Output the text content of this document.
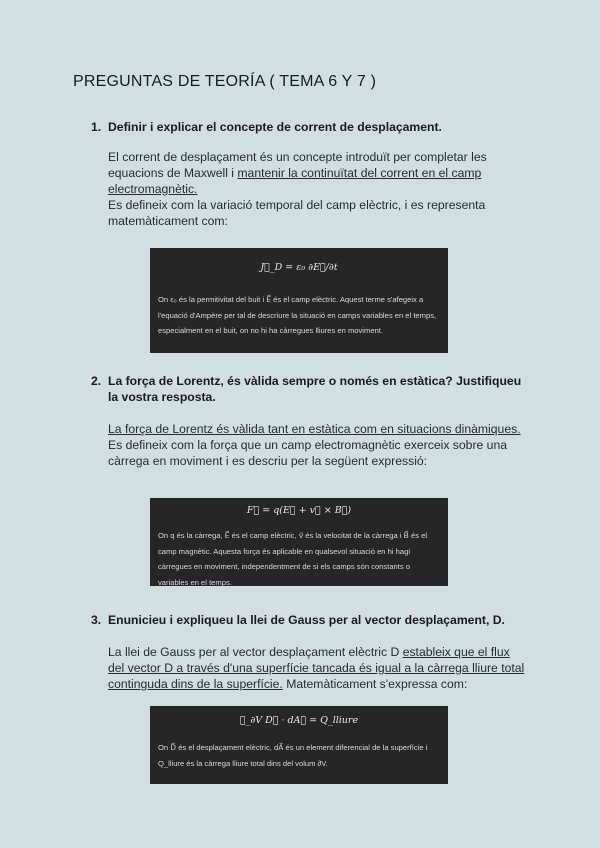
PREGUNTAS DE TEORÍA ( TEMA 6 Y 7 )
1. Definir i explicar el concepte de corrent de desplaçament.
El corrent de desplaçament és un concepte introduït per completar les equacions de Maxwell i mantenir la continuïtat del corrent en el camp electromagnètic.
Es defineix com la variació temporal del camp elèctric, i es representa matemàticament com:
J⃗_D = ε₀ ∂E⃗/∂t
On ε₀ és la permitivitat del buit i E⃗ és el camp elèctric. Aquest terme s'afegeix a l'equació d'Ampère per tal de descriure la situació en camps variables en el temps, especialment en el buit, on no hi ha càrregues lliures en moviment.
2. La força de Lorentz, és vàlida sempre o només en estàtica? Justifiqueu la vostra resposta.
La força de Lorentz és vàlida tant en estàtica com en situacions dinàmiques.
Es defineix com la força que un camp electromagnètic exerceix sobre una càrrega en moviment i es descriu per la següent expressió:
F⃗ = q(E⃗ + v⃗ × B⃗)
On q és la càrrega, E⃗ és el camp elèctric, v⃗ és la velocitat de la càrrega i B⃗ és el camp magnètic. Aquesta força és aplicable en qualsevol situació en hi hagi càrregues en moviment, independentment de si els camps són constants o variables en el temps.
3. Enunicieu i expliqueu la llei de Gauss per al vector desplaçament, D.
La llei de Gauss per al vector desplaçament elèctric D estableix que el flux del vector D a través d'una superfície tancada és igual a la càrrega lliure total continguda dins de la superfície. Matemàticament s'expressa com:
∮_∂V D⃗ · dA⃗ = Q_lliure
On D⃗ és el desplaçament elèctric, dA⃗ és un element diferencial de la superfície i Q_lliure és la càrrega lliure total dins del volum ∂V.
